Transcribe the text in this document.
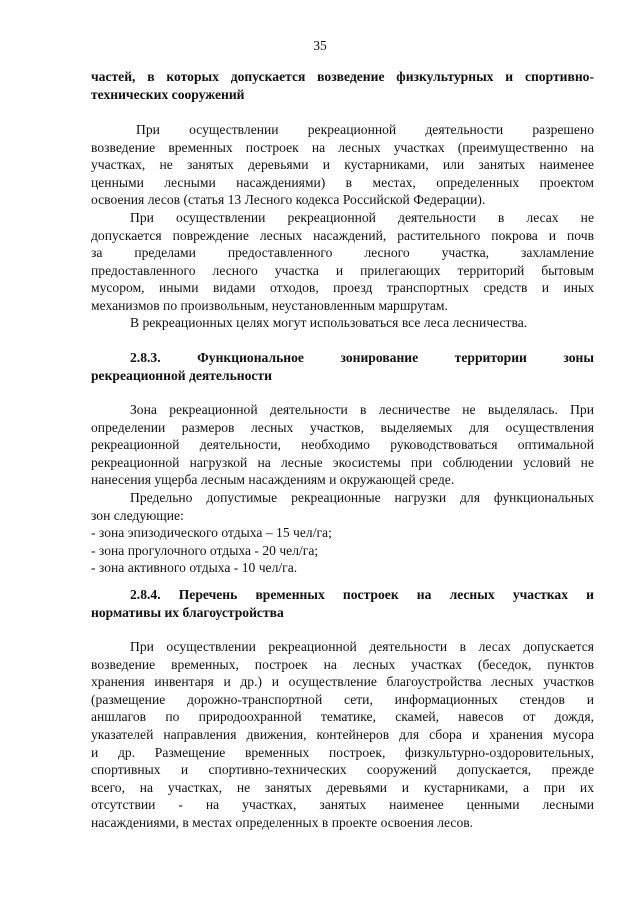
35
частей, в которых допускается возведение физкультурных и спортивно-
технических сооружений
При осуществлении рекреационной деятельности разрешено
возведение временных построек на лесных участках (преимущественно на
участках, не занятых деревьями и кустарниками, или занятых наименее
ценными лесными насаждениями) в местах, определенных проектом
освоения лесов (статья 13 Лесного кодекса Российской Федерации).
При осуществлении рекреационной деятельности в лесах не
допускается повреждение лесных насаждений, растительного покрова и почв
за пределами предоставленного лесного участка, захламление
предоставленного лесного участка и прилегающих территорий бытовым
мусором, иными видами отходов, проезд транспортных средств и иных
механизмов по произвольным, неустановленным маршрутам.
В рекреационных целях могут использоваться все леса лесничества.
2.8.3. Функциональное зонирование территории зоны
рекреационной деятельности
Зона рекреационной деятельности в лесничестве не выделялась. При
определении размеров лесных участков, выделяемых для осуществления
рекреационной деятельности, необходимо руководствоваться оптимальной
рекреационной нагрузкой на лесные экосистемы при соблюдении условий не
нанесения ущерба лесным насаждениям и окружающей среде.
Предельно допустимые рекреационные нагрузки для функциональных
зон следующие:
- зона эпизодического отдыха – 15 чел/га;
- зона прогулочного отдыха - 20 чел/га;
- зона активного отдыха - 10 чел/га.
2.8.4. Перечень временных построек на лесных участках и
нормативы их благоустройства
При осуществлении рекреационной деятельности в лесах допускается
возведение временных, построек на лесных участках (беседок, пунктов
хранения инвентаря и др.) и осуществление благоустройства лесных участков
(размещение дорожно-транспортной сети, информационных стендов и
аншлагов по природоохранной тематике, скамей, навесов от дождя,
указателей направления движения, контейнеров для сбора и хранения мусора
и др. Размещение временных построек, физкультурно-оздоровительных,
спортивных и спортивно-технических сооружений допускается, прежде
всего, на участках, не занятых деревьями и кустарниками, а при их
отсутствии - на участках, занятых наименее ценными лесными
насаждениями, в местах определенных в проекте освоения лесов.
